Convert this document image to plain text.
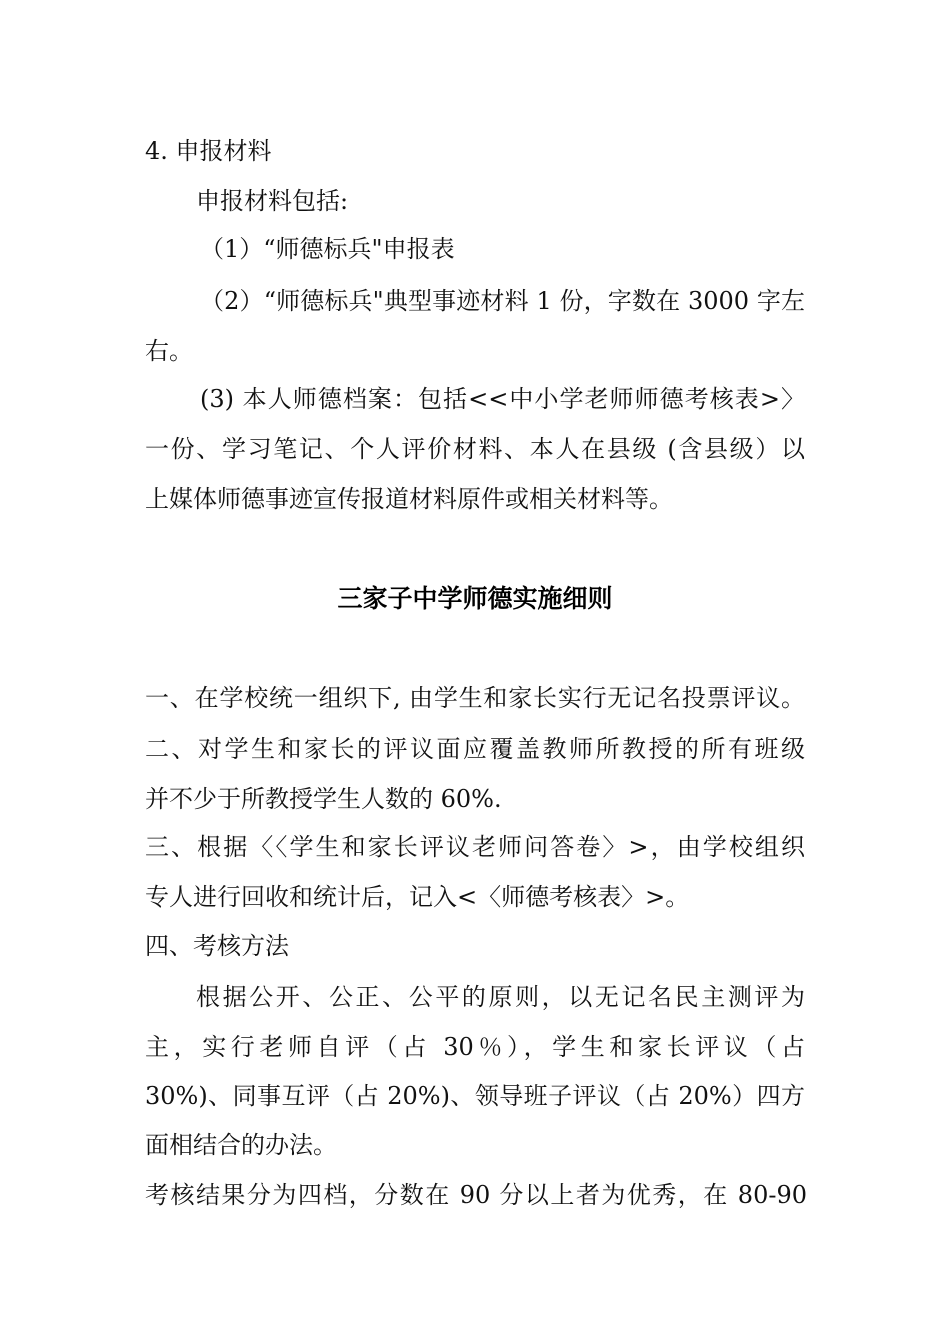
4. 申报材料
申报材料包括:
（1）“师德标兵"申报表
（2）“师德标兵"典型事迹材料 1 份，字数在 3000 字左
右。
(3) 本人师德档案：包括<<中小学老师师德考核表>〉
一份、学习笔记、个人评价材料、本人在县级 (含县级）以
上媒体师德事迹宣传报道材料原件或相关材料等。
三家子中学师德实施细则
一、在学校统一组织下, 由学生和家长实行无记名投票评议。
二、对学生和家长的评议面应覆盖教师所教授的所有班级
并不少于所教授学生人数的 60%.
三、根据〈〈学生和家长评议老师问答卷〉>，由学校组织
专人进行回收和统计后，记入<〈师德考核表〉>。
四、考核方法
根据公开、公正、公平的原则，以无记名民主测评为
主，实行老师自评（占 30％），学生和家长评议（占
30%)、同事互评（占 20%)、领导班子评议（占 20%）四方
面相结合的办法。
考核结果分为四档，分数在 90 分以上者为优秀，在 80-90
